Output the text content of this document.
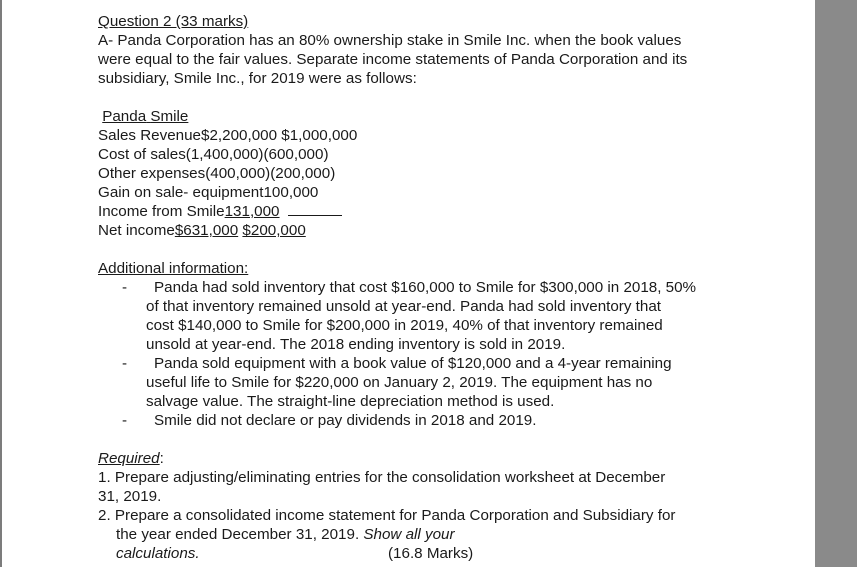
Question 2 (33 marks)
A- Panda Corporation has an 80% ownership stake in Smile Inc. when the book values
were equal to the fair values. Separate income statements of Panda Corporation and its
subsidiary, Smile Inc., for 2019 were as follows:
Panda Smile
Sales Revenue$2,200,000 $1,000,000
Cost of sales(1,400,000)(600,000)
Other expenses(400,000)(200,000)
Gain on sale- equipment100,000
Income from Smile131,000
Net income$631,000 $200,000
Additional information:
-	Panda had sold inventory that cost $160,000 to Smile for $300,000 in 2018, 50%
of that inventory remained unsold at year-end. Panda had sold inventory that
cost $140,000 to Smile for $200,000 in 2019, 40% of that inventory remained
unsold at year-end. The 2018 ending inventory is sold in 2019.
-	Panda sold equipment with a book value of $120,000 and a 4-year remaining
useful life to Smile for $220,000 on January 2, 2019. The equipment has no
salvage value. The straight-line depreciation method is used.
-	Smile did not declare or pay dividends in 2018 and 2019.
Required:
1. Prepare adjusting/eliminating entries for the consolidation worksheet at December
31, 2019.
2. Prepare a consolidated income statement for Panda Corporation and Subsidiary for
the year ended December 31, 2019. Show all your
calculations.	(16.8 Marks)
